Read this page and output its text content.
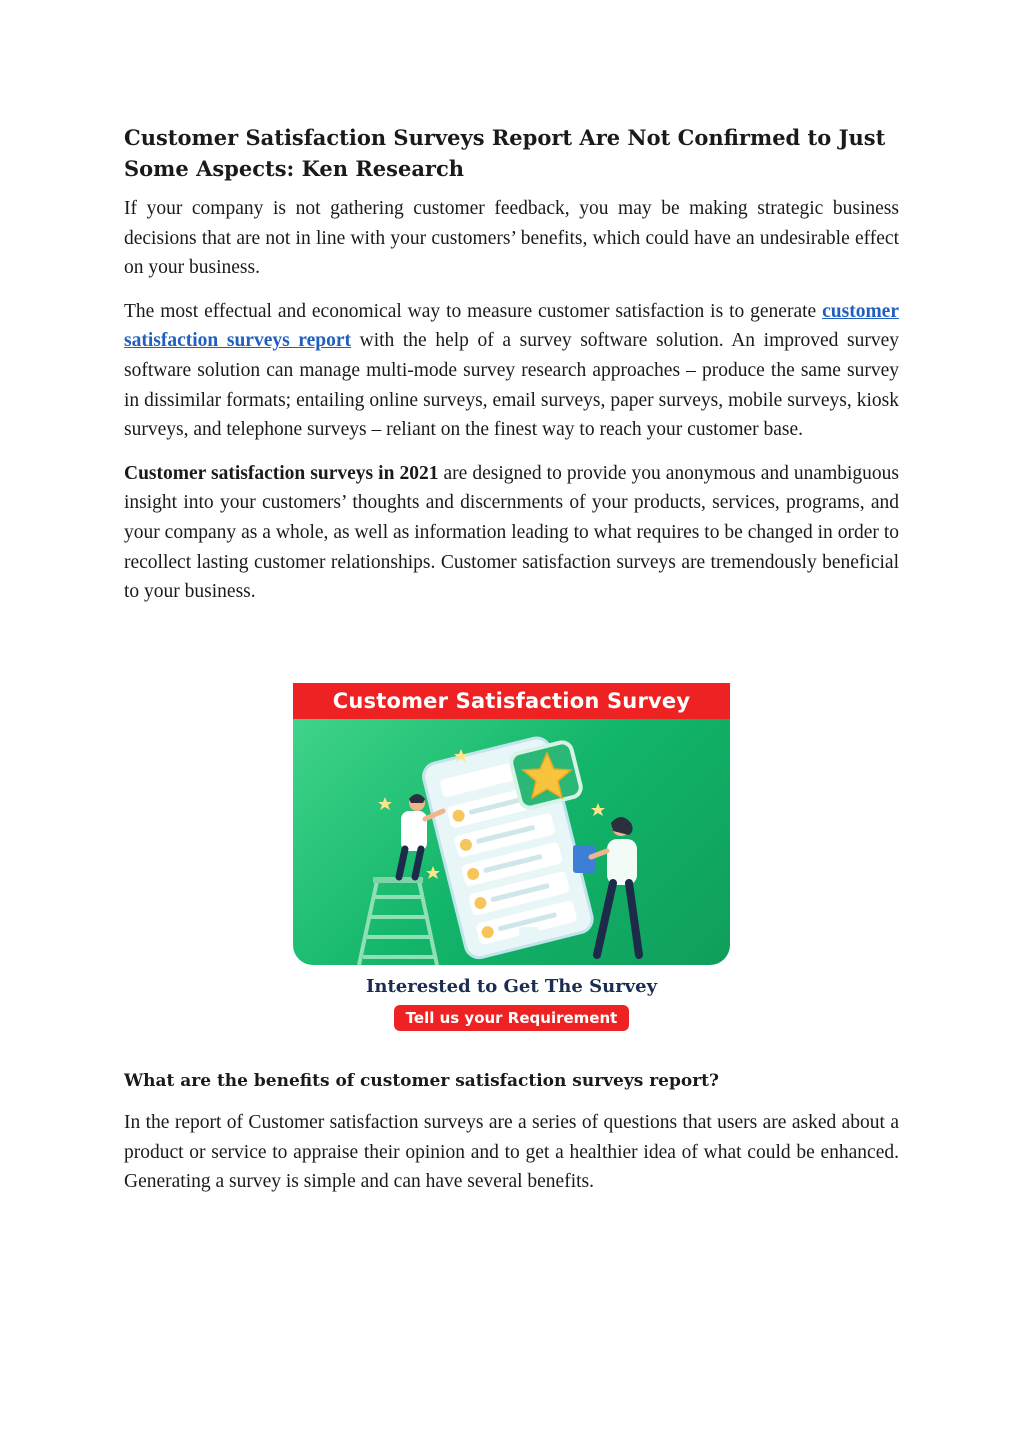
Customer Satisfaction Surveys Report Are Not Confirmed to Just Some Aspects: Ken Research

If your company is not gathering customer feedback, you may be making strategic business decisions that are not in line with your customers’ benefits, which could have an undesirable effect on your business.

The most effectual and economical way to measure customer satisfaction is to generate customer satisfaction surveys report with the help of a survey software solution. An improved survey software solution can manage multi-mode survey research approaches – produce the same survey in dissimilar formats; entailing online surveys, email surveys, paper surveys, mobile surveys, kiosk surveys, and telephone surveys – reliant on the finest way to reach your customer base.

Customer satisfaction surveys in 2021 are designed to provide you anonymous and unambiguous insight into your customers’ thoughts and discernments of your products, services, programs, and your company as a whole, as well as information leading to what requires to be changed in order to recollect lasting customer relationships. Customer satisfaction surveys are tremendously beneficial to your business.

Customer Satisfaction Survey
Interested to Get The Survey
Tell us your Requirement
What are the benefits of customer satisfaction surveys report?

In the report of Customer satisfaction surveys are a series of questions that users are asked about a product or service to appraise their opinion and to get a healthier idea of what could be enhanced. Generating a survey is simple and can have several benefits.
